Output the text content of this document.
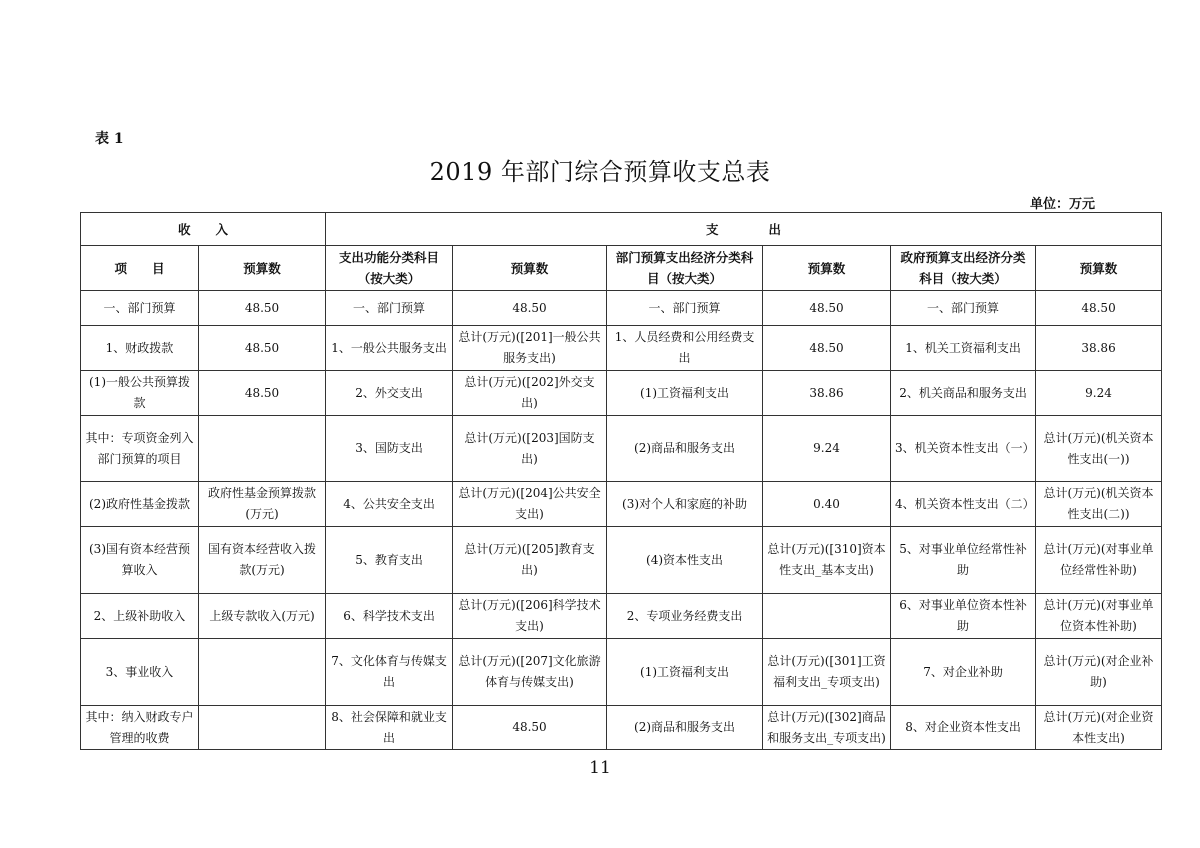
表 1
2019 年部门综合预算收支总表
单位：万元
收　　入		支　　　　出					
项　　目	预算数	支出功能分类科目（按大类）	预算数	部门预算支出经济分类科目（按大类）	预算数	政府预算支出经济分类科目（按大类）	预算数
一、部门预算	48.50	一、部门预算	48.50	一、部门预算	48.50	一、部门预算	48.50
1、财政拨款	48.50	1、一般公共服务支出	总计(万元)([201]一般公共服务支出)	1、人员经费和公用经费支出	48.50	1、机关工资福利支出	38.86
(1)一般公共预算拨款	48.50	2、外交支出	总计(万元)([202]外交支出)	(1)工资福利支出	38.86	2、机关商品和服务支出	9.24
其中：专项资金列入部门预算的项目		3、国防支出	总计(万元)([203]国防支出)	(2)商品和服务支出	9.24	3、机关资本性支出（一）	总计(万元)(机关资本性支出(一))
(2)政府性基金拨款	政府性基金预算拨款(万元)	4、公共安全支出	总计(万元)([204]公共安全支出)	(3)对个人和家庭的补助	0.40	4、机关资本性支出（二）	总计(万元)(机关资本性支出(二))
(3)国有资本经营预算收入	国有资本经营收入拨款(万元)	5、教育支出	总计(万元)([205]教育支出)	(4)资本性支出	总计(万元)([310]资本性支出_基本支出)	5、对事业单位经常性补助	总计(万元)(对事业单位经常性补助)
2、上级补助收入	上级专款收入(万元)	6、科学技术支出	总计(万元)([206]科学技术支出)	2、专项业务经费支出		6、对事业单位资本性补助	总计(万元)(对事业单位资本性补助)
3、事业收入		7、文化体育与传媒支出	总计(万元)([207]文化旅游体育与传媒支出)	(1)工资福利支出	总计(万元)([301]工资福利支出_专项支出)	7、对企业补助	总计(万元)(对企业补助)
其中：纳入财政专户管理的收费		8、社会保障和就业支出	48.50	(2)商品和服务支出	总计(万元)([302]商品和服务支出_专项支出)	8、对企业资本性支出	总计(万元)(对企业资本性支出)
11
